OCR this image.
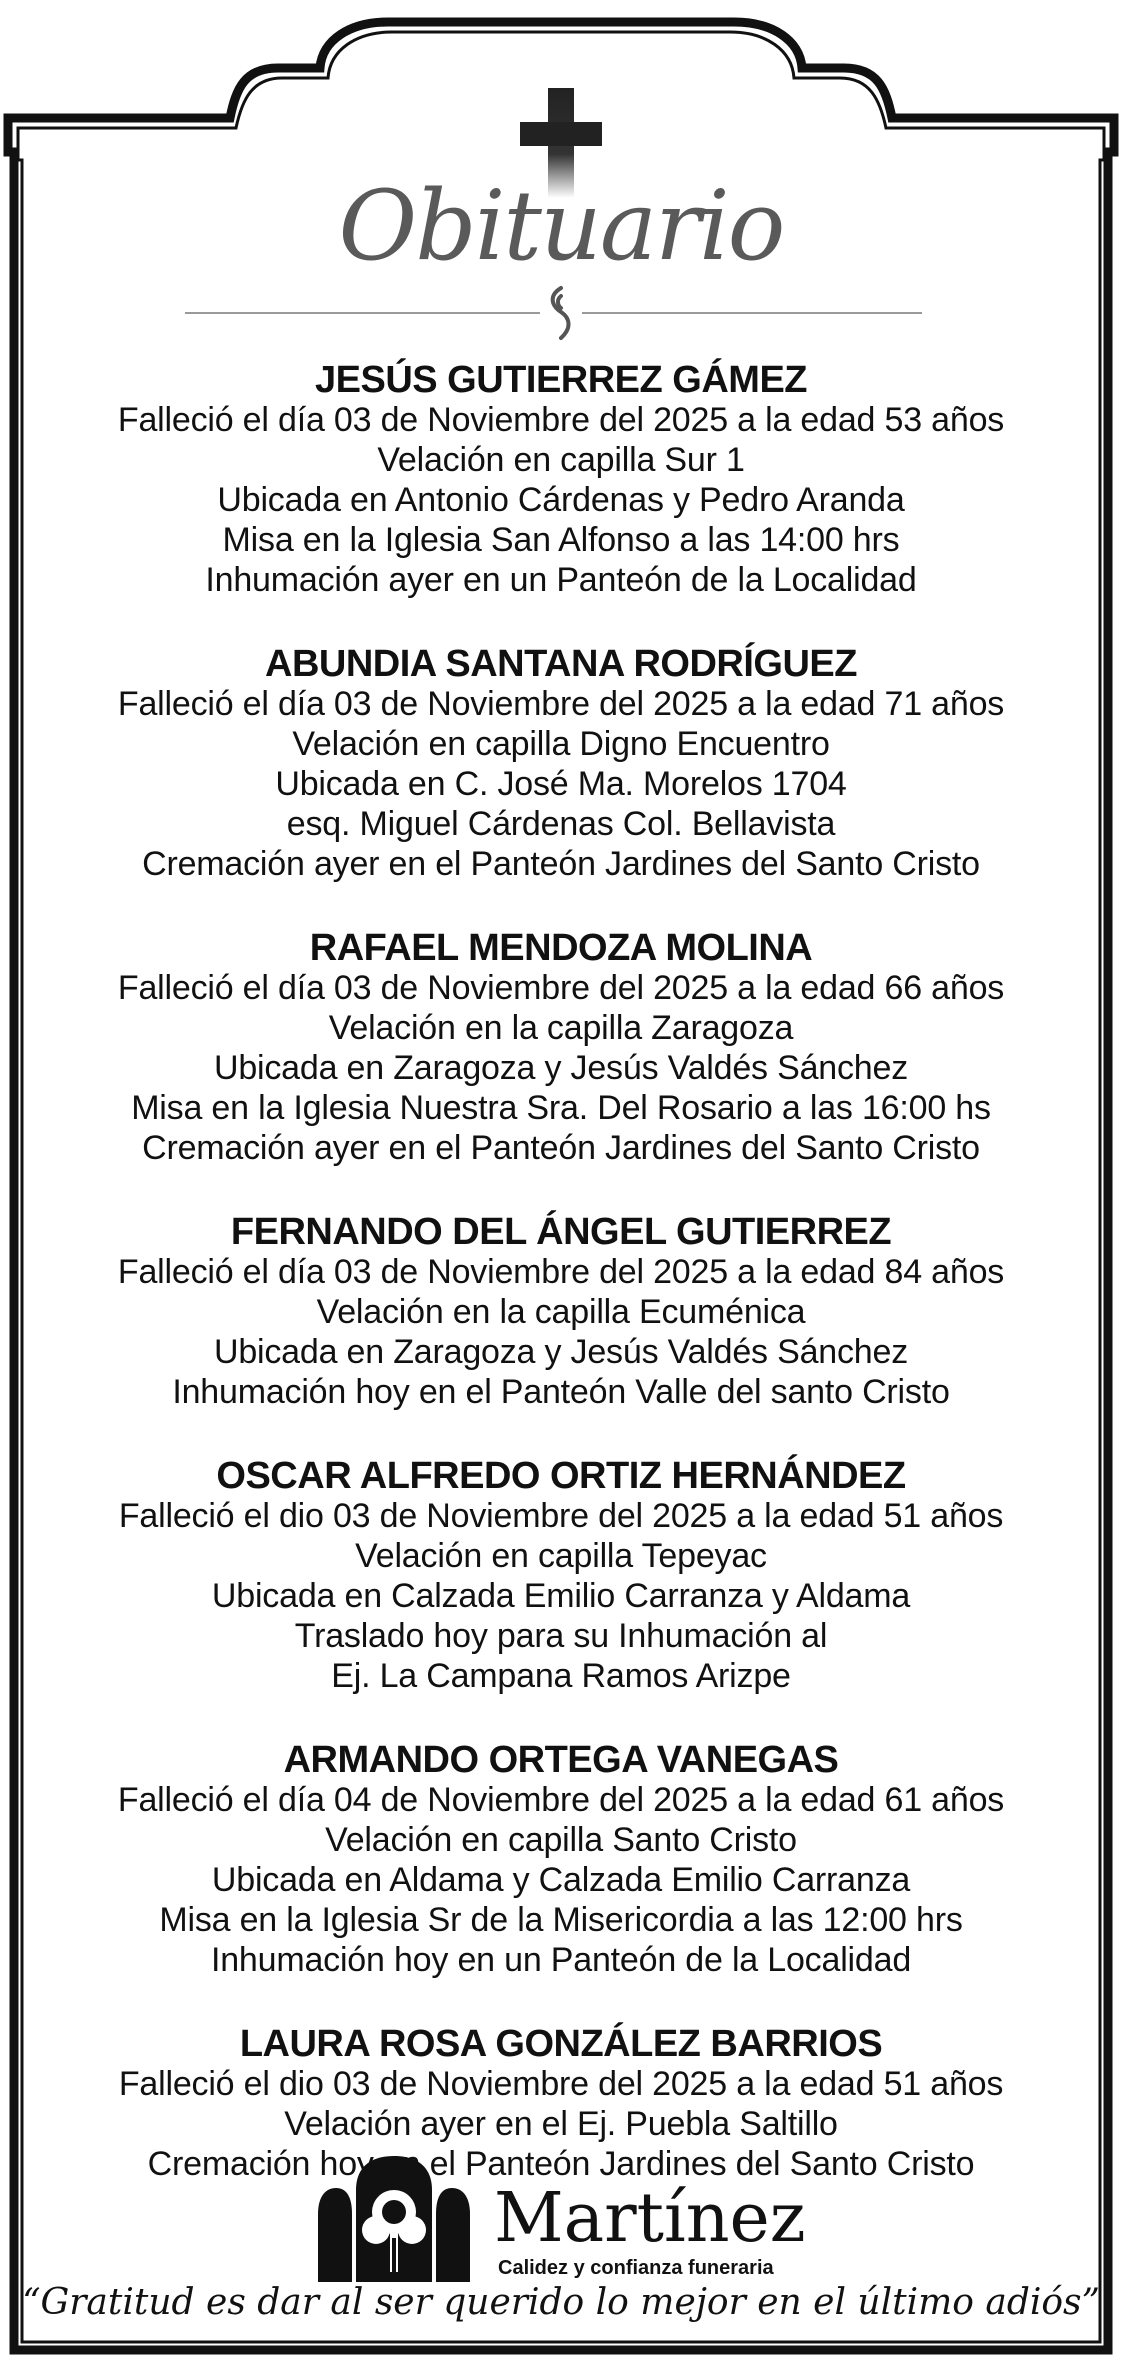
Obituario
JESÚS GUTIERREZ GÁMEZ
Falleció el día 03 de Noviembre del 2025 a la edad 53 años
Velación en capilla Sur 1
Ubicada en Antonio Cárdenas y Pedro Aranda
Misa en la Iglesia San Alfonso a las 14:00 hrs
Inhumación ayer en un Panteón de la Localidad
ABUNDIA SANTANA RODRÍGUEZ
Falleció el día 03 de Noviembre del 2025 a la edad 71 años
Velación en capilla Digno Encuentro
Ubicada en C. José Ma. Morelos 1704
esq. Miguel Cárdenas Col. Bellavista
Cremación ayer en el Panteón Jardines del Santo Cristo
RAFAEL MENDOZA MOLINA
Falleció el día 03 de Noviembre del 2025 a la edad 66 años
Velación en la capilla Zaragoza
Ubicada en Zaragoza y Jesús Valdés Sánchez
Misa en la Iglesia Nuestra Sra. Del Rosario a las 16:00 hs
Cremación ayer en el Panteón Jardines del Santo Cristo
FERNANDO DEL ÁNGEL GUTIERREZ
Falleció el día 03 de Noviembre del 2025 a la edad 84 años
Velación en la capilla Ecuménica
Ubicada en Zaragoza y Jesús Valdés Sánchez
Inhumación hoy en el Panteón Valle del santo Cristo
OSCAR ALFREDO ORTIZ HERNÁNDEZ
Falleció el dio 03 de Noviembre del 2025 a la edad 51 años
Velación en capilla Tepeyac
Ubicada en Calzada Emilio Carranza y Aldama
Traslado hoy para su Inhumación al
Ej. La Campana Ramos Arizpe
ARMANDO ORTEGA VANEGAS
Falleció el día 04 de Noviembre del 2025 a la edad 61 años
Velación en capilla Santo Cristo
Ubicada en Aldama y Calzada Emilio Carranza
Misa en la Iglesia Sr de la Misericordia a las 12:00 hrs
Inhumación hoy en un Panteón de la Localidad
LAURA ROSA GONZÁLEZ BARRIOS
Falleció el dio 03 de Noviembre del 2025 a la edad 51 años
Velación ayer en el Ej. Puebla Saltillo
Cremación hoy en el Panteón Jardines del Santo Cristo
Martínez
Calidez y confianza funeraria
“Gratitud es dar al ser querido lo mejor en el último adiós”
